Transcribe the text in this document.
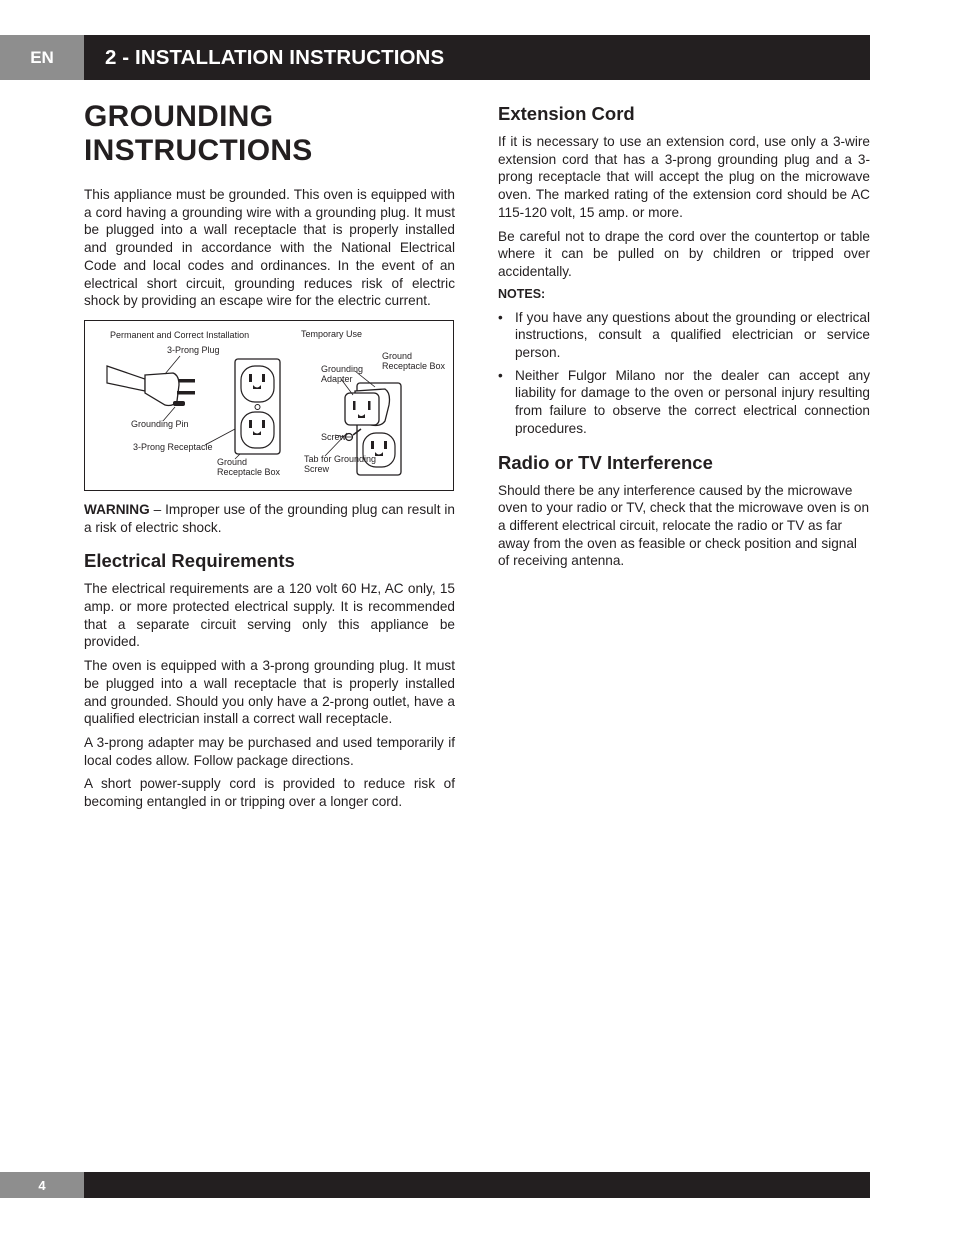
EN	2 - INSTALLATION INSTRUCTIONS
GROUNDING
INSTRUCTIONS

This appliance must be grounded. This oven is equipped with a cord having a grounding wire with a grounding plug. It must be plugged into a wall receptacle that is properly installed and grounded in accordance with the National Electrical Code and local codes and ordinances. In the event of an electrical short circuit, grounding reduces risk of electric shock by providing an escape wire for the electric current.

Permanent and Correct Installation	Temporary Use
3-Prong Plug
Grounding Pin
3-Prong Receptacle
Ground Receptacle Box
Grounding Adapter
Ground Receptacle Box
Screw
Tab for Grounding Screw

WARNING – Improper use of the grounding plug can result in a risk of electric shock.

Electrical Requirements

The electrical requirements are a 120 volt 60 Hz, AC only, 15 amp. or more protected electrical supply. It is recommended that a separate circuit serving only this appliance be provided.

The oven is equipped with a 3-prong grounding plug. It must be plugged into a wall receptacle that is properly installed and grounded. Should you only have a 2-prong outlet, have a qualified electrician install a correct wall receptacle.

A 3-prong adapter may be purchased and used temporarily if local codes allow. Follow package directions.

A short power-supply cord is provided to reduce risk of becoming entangled in or tripping over a longer cord.

Extension Cord

If it is necessary to use an extension cord, use only a 3-wire extension cord that has a 3-prong grounding plug and a 3-prong receptacle that will accept the plug on the microwave oven. The marked rating of the extension cord should be AC 115-120 volt, 15 amp. or more.

Be careful not to drape the cord over the countertop or table where it can be pulled on by children or tripped over accidentally.

NOTES:
• If you have any questions about the grounding or electrical instructions, consult a qualified electrician or service person.
• Neither Fulgor Milano nor the dealer can accept any liability for damage to the oven or personal injury resulting from failure to observe the correct electrical connection procedures.
Radio or TV Interference

Should there be any interference caused by the microwave oven to your radio or TV, check that the microwave oven is on a different electrical circuit, relocate the radio or TV as far away from the oven as feasible or check position and signal of receiving antenna.

4
